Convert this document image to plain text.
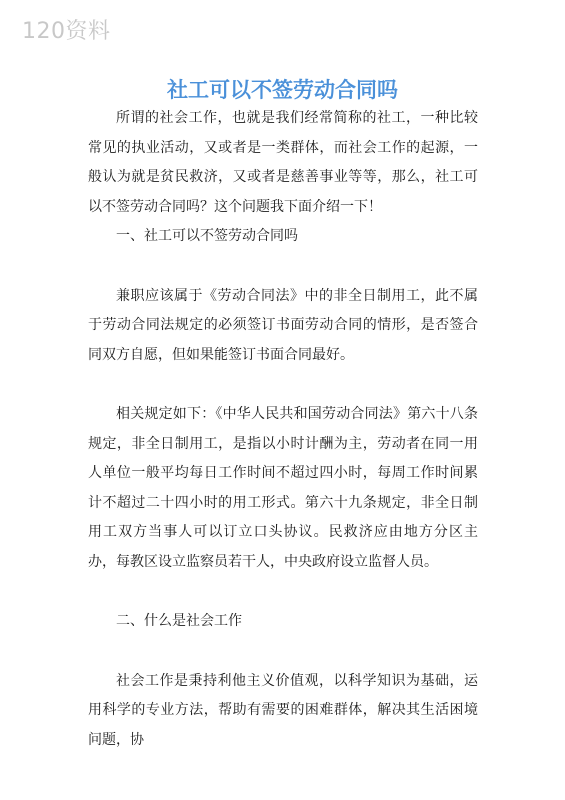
120资料
社工可以不签劳动合同吗

所谓的社会工作，也就是我们经常简称的社工，一种比较常见的执业活动，又或者是一类群体，而社会工作的起源，一般认为就是贫民救济，又或者是慈善事业等等，那么，社工可以不签劳动合同吗？这个问题我下面介绍一下！

一、社工可以不签劳动合同吗

兼职应该属于《劳动合同法》中的非全日制用工，此不属于劳动合同法规定的必须签订书面劳动合同的情形，是否签合同双方自愿，但如果能签订书面合同最好。

相关规定如下：《中华人民共和国劳动合同法》第六十八条规定，非全日制用工，是指以小时计酬为主，劳动者在同一用人单位一般平均每日工作时间不超过四小时，每周工作时间累计不超过二十四小时的用工形式。第六十九条规定，非全日制用工双方当事人可以订立口头协议。民救济应由地方分区主办，每教区设立监察员若干人，中央政府设立监督人员。

二、什么是社会工作

社会工作是秉持利他主义价值观，以科学知识为基础，运用科学的专业方法，帮助有需要的困难群体，解决其生活困境问题，协
